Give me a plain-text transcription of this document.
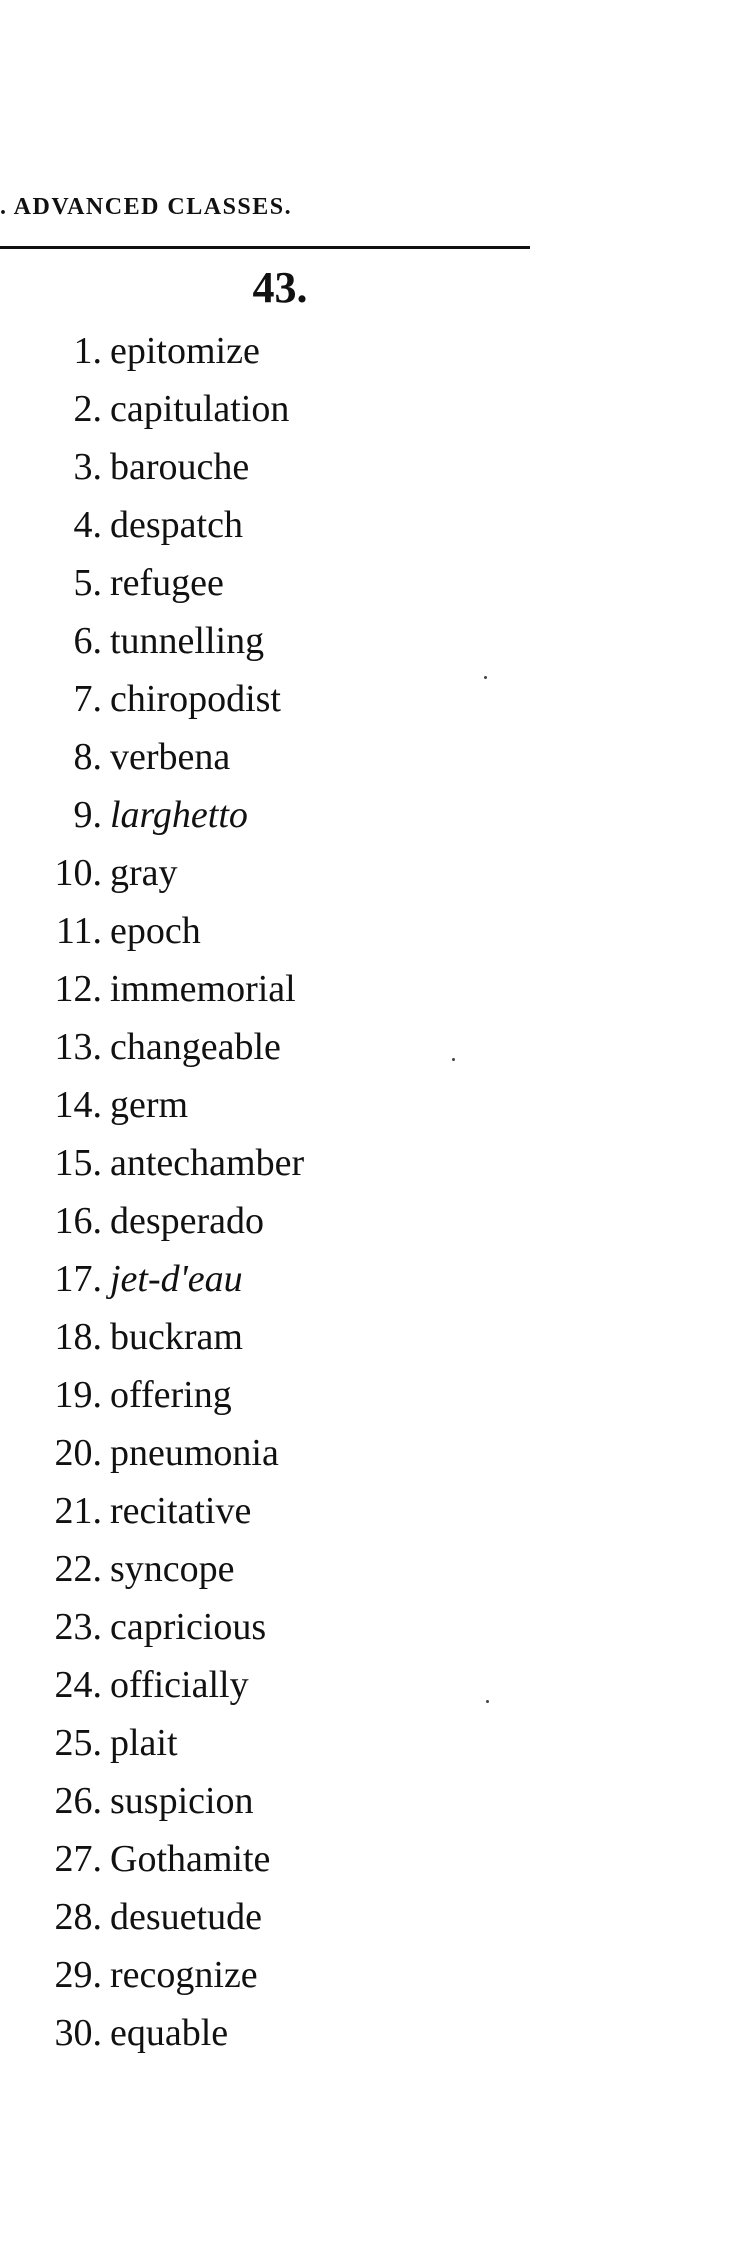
. ADVANCED CLASSES.
43.
1. epitomize
2. capitulation
3. barouche
4. despatch
5. refugee
6. tunnelling
7. chiropodist
8. verbena
9. larghetto
10. gray
11. epoch
12. immemorial
13. changeable
14. germ
15. antechamber
16. desperado
17. jet-d'eau
18. buckram
19. offering
20. pneumonia
21. recitative
22. syncope
23. capricious
24. officially
25. plait
26. suspicion
27. Gothamite
28. desuetude
29. recognize
30. equable
